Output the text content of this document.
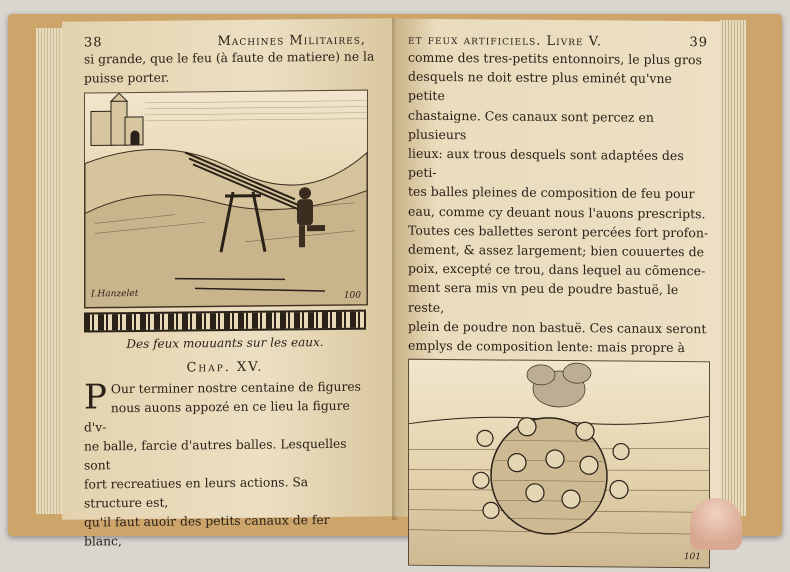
38	Machines Militaires,
si grande, que le feu (à faute de matiere) ne la
puisse porter.
I.Hanzelet	100
Des feux mouuants sur les eaux.
Chap. XV.
P Our terminer nostre centaine de figures
nous auons appozé en ce lieu la figure d'v-
ne balle, farcie d'autres balles. Lesquelles sont
fort recreatiues en leurs actions. Sa structure est,
qu'il faut auoir des petits canaux de fer blanc,
et feux artificiels. Livre V.	39
comme des tres-petits entonnoirs, le plus gros
desquels ne doit estre plus eminét qu'vne petite
chastaigne. Ces canaux sont percez en plusieurs
lieux: aux trous desquels sont adaptées des peti-
tes balles pleines de composition de feu pour
eau, comme cy deuant nous l'auons prescripts.
Toutes ces ballettes seront percées fort profon-
dement, & assez largement; bien couuertes de
poix, excepté ce trou, dans lequel au cõmence-
ment sera mis vn peu de poudre bastuë, le reste,
plein de poudre non bastuë. Ces canaux seront
emplys de composition lente: mais propre à
101
